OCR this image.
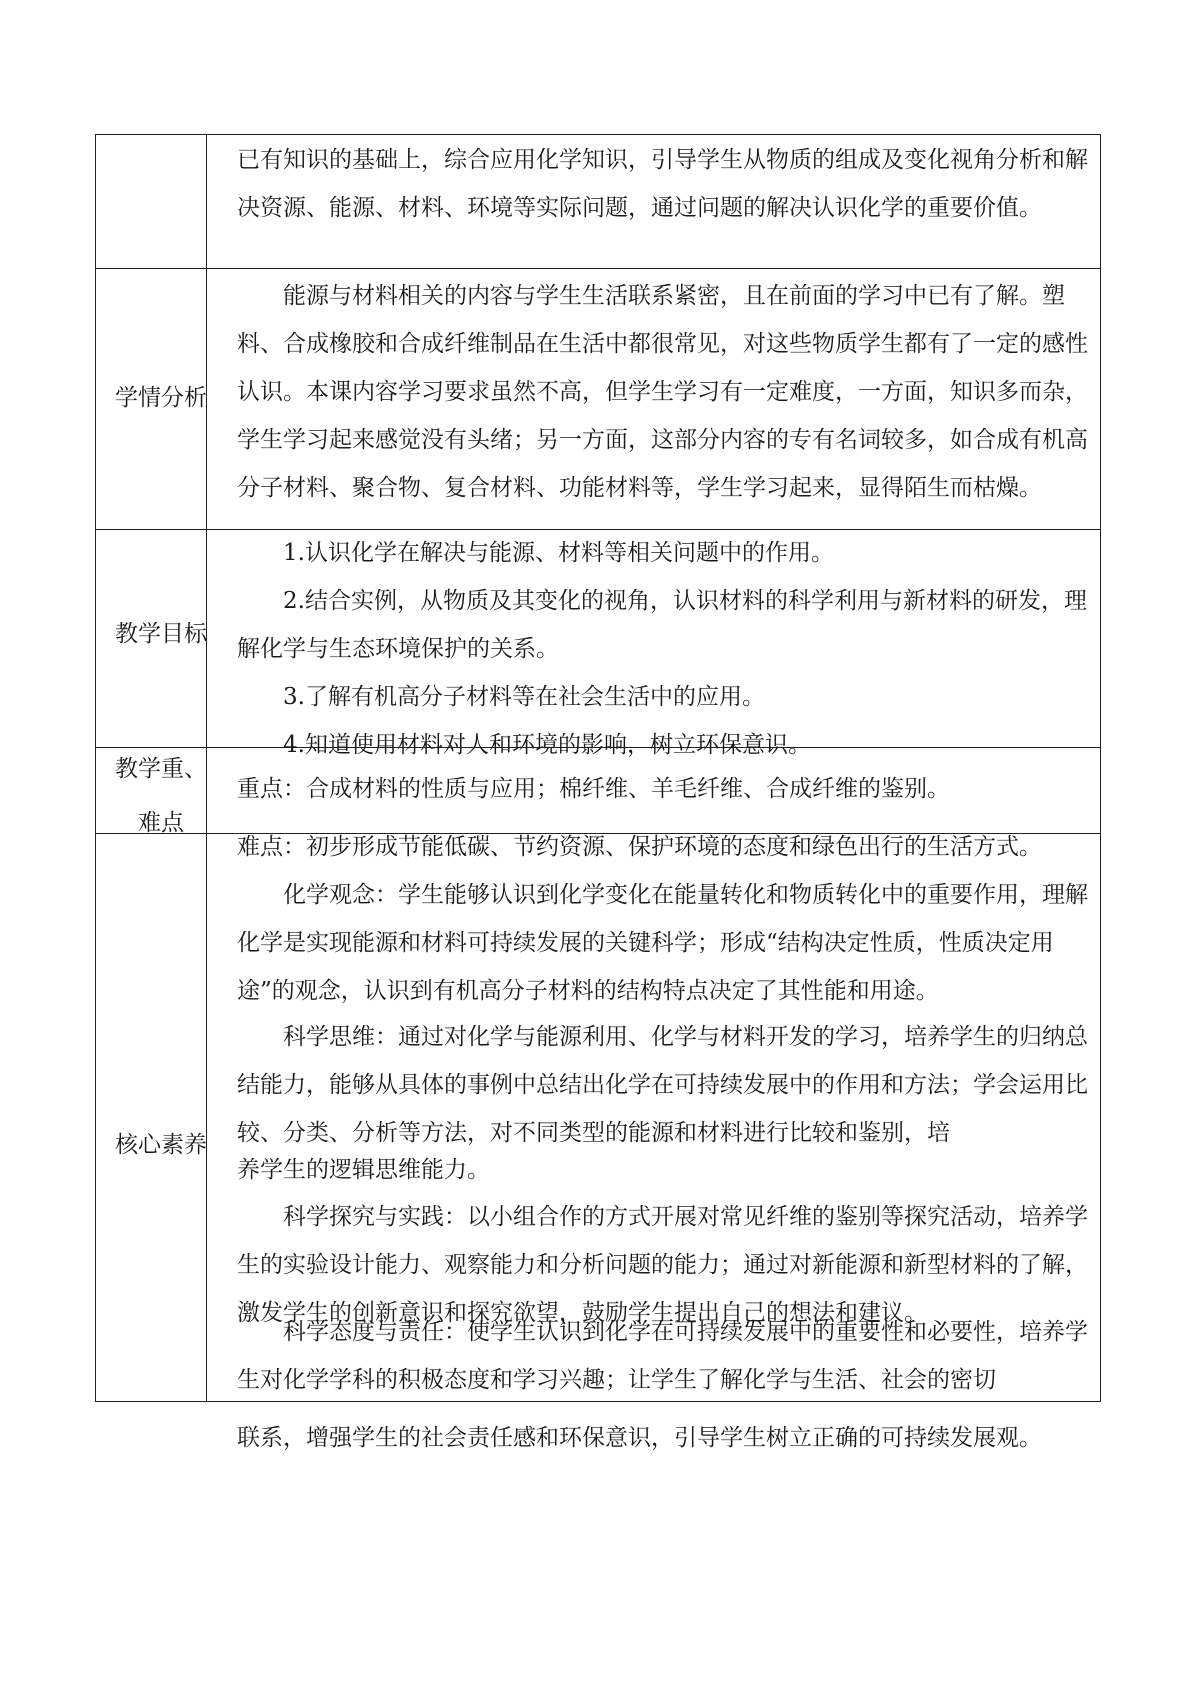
已有知识的基础上，综合应用化学知识，引导学生从物质的组成及变化视角分析和解决资源、能源、材料、环境等实际问题，通过问题的解决认识化学的重要价值。

学情分析

能源与材料相关的内容与学生生活联系紧密，且在前面的学习中已有了解。塑料、合成橡胶和合成纤维制品在生活中都很常见，对这些物质学生都有了一定的感性认识。本课内容学习要求虽然不高，但学生学习有一定难度，一方面，知识多而杂，学生学习起来感觉没有头绪；另一方面，这部分内容的专有名词较多，如合成有机高分子材料、聚合物、复合材料、功能材料等，学生学习起来，显得陌生而枯燥。

教学目标

1.认识化学在解决与能源、材料等相关问题中的作用。

2.结合实例，从物质及其变化的视角，认识材料的科学利用与新材料的研发，理解化学与生态环境保护的关系。

3.了解有机高分子材料等在社会生活中的应用。

4.知道使用材料对人和环境的影响，树立环保意识。

教学重、
难点

重点：合成材料的性质与应用；棉纤维、羊毛纤维、合成纤维的鉴别。

核心素养

难点：初步形成节能低碳、节约资源、保护环境的态度和绿色出行的生活方式。

化学观念：学生能够认识到化学变化在能量转化和物质转化中的重要作用，理解化学是实现能源和材料可持续发展的关键科学；形成“结构决定性质，性质决定用途”的观念，认识到有机高分子材料的结构特点决定了其性能和用途。

科学思维：通过对化学与能源利用、化学与材料开发的学习，培养学生的归纳总结能力，能够从具体的事例中总结出化学在可持续发展中的作用和方法；学会运用比较、分类、分析等方法，对不同类型的能源和材料进行比较和鉴别，培

养学生的逻辑思维能力。

科学探究与实践：以小组合作的方式开展对常见纤维的鉴别等探究活动，培养学生的实验设计能力、观察能力和分析问题的能力；通过对新能源和新型材料的了解，激发学生的创新意识和探究欲望，鼓励学生提出自己的想法和建议。

科学态度与责任：使学生认识到化学在可持续发展中的重要性和必要性，培养学生对化学学科的积极态度和学习兴趣；让学生了解化学与生活、社会的密切

联系，增强学生的社会责任感和环保意识，引导学生树立正确的可持续发展观。
